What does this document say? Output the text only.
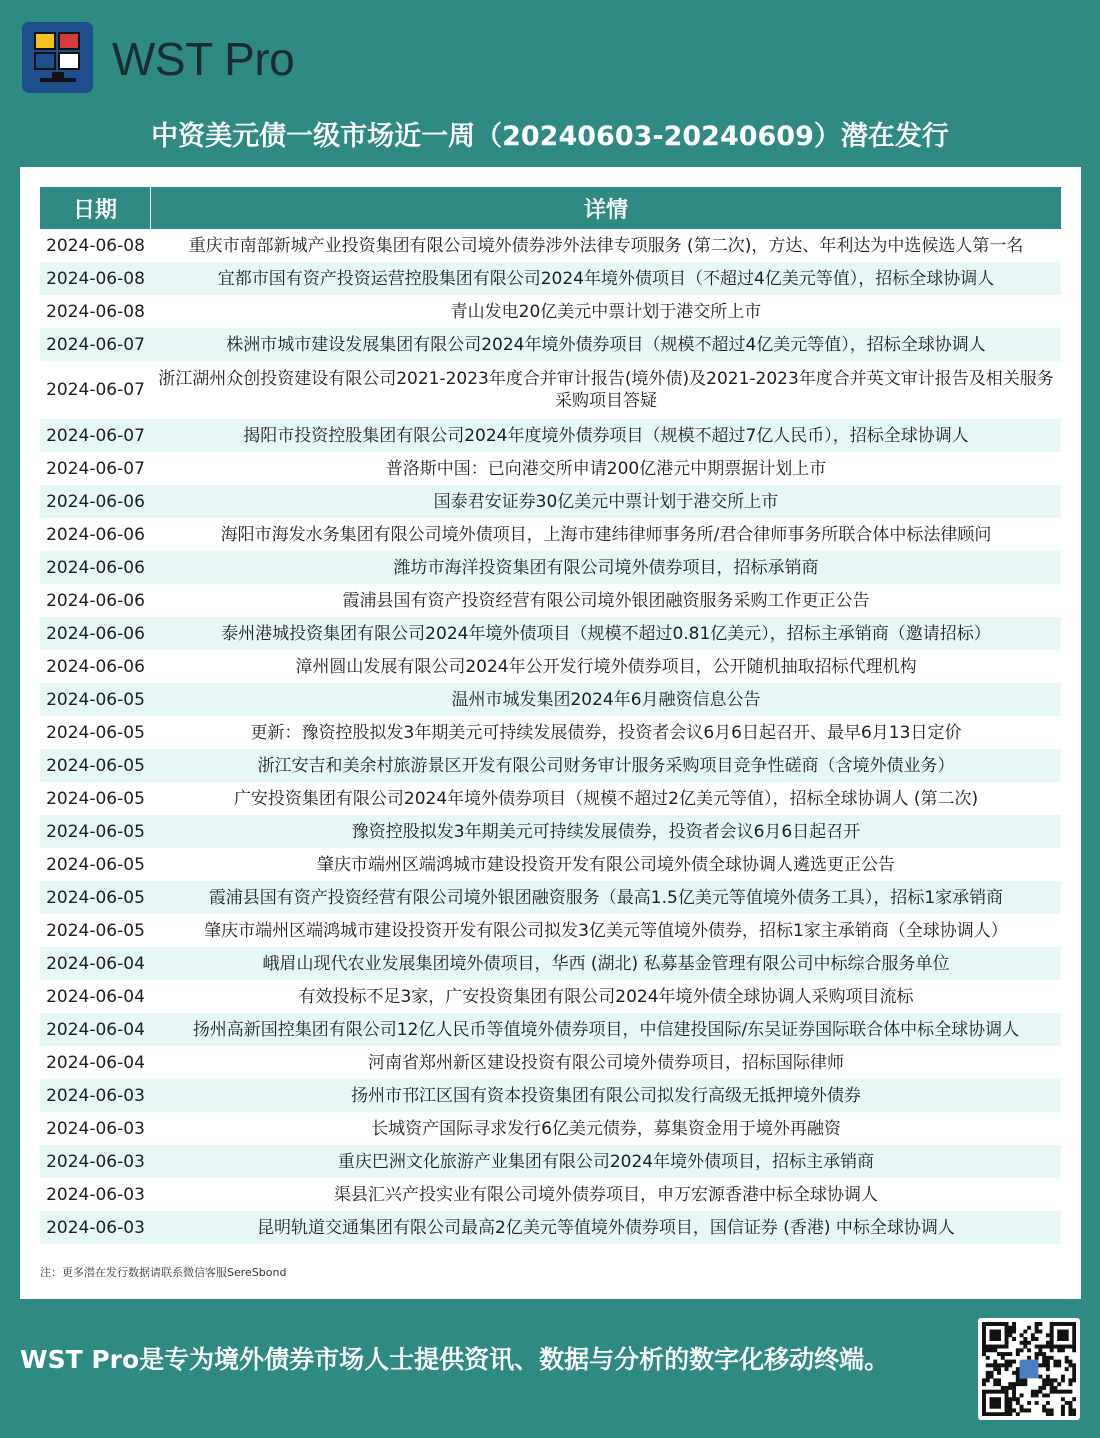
WST Pro
中资美元债一级市场近一周（20240603-20240609）潜在发行
日期	详情
2024-06-08	重庆市南部新城产业投资集团有限公司境外债券涉外法律专项服务 (第二次)，方达、年利达为中选候选人第一名
2024-06-08	宜都市国有资产投资运营控股集团有限公司2024年境外债项目（不超过4亿美元等值），招标全球协调人
2024-06-08	青山发电20亿美元中票计划于港交所上市
2024-06-07	株洲市城市建设发展集团有限公司2024年境外债券项目（规模不超过4亿美元等值），招标全球协调人
2024-06-07	浙江湖州众创投资建设有限公司2021-2023年度合并审计报告(境外债)及2021-2023年度合并英文审计报告及相关服务采购项目答疑
2024-06-07	揭阳市投资控股集团有限公司2024年度境外债券项目（规模不超过7亿人民币），招标全球协调人
2024-06-07	普洛斯中国：已向港交所申请200亿港元中期票据计划上市
2024-06-06	国泰君安证券30亿美元中票计划于港交所上市
2024-06-06	海阳市海发水务集团有限公司境外债项目，上海市建纬律师事务所/君合律师事务所联合体中标法律顾问
2024-06-06	潍坊市海洋投资集团有限公司境外债券项目，招标承销商
2024-06-06	霞浦县国有资产投资经营有限公司境外银团融资服务采购工作更正公告
2024-06-06	泰州港城投资集团有限公司2024年境外债项目（规模不超过0.81亿美元），招标主承销商（邀请招标）
2024-06-06	漳州圆山发展有限公司2024年公开发行境外债券项目，公开随机抽取招标代理机构
2024-06-05	温州市城发集团2024年6月融资信息公告
2024-06-05	更新：豫资控股拟发3年期美元可持续发展债券，投资者会议6月6日起召开、最早6月13日定价
2024-06-05	浙江安吉和美余村旅游景区开发有限公司财务审计服务采购项目竞争性磋商（含境外债业务）
2024-06-05	广安投资集团有限公司2024年境外债券项目（规模不超过2亿美元等值），招标全球协调人 (第二次)
2024-06-05	豫资控股拟发3年期美元可持续发展债券，投资者会议6月6日起召开
2024-06-05	肇庆市端州区端鸿城市建设投资开发有限公司境外债全球协调人遴选更正公告
2024-06-05	霞浦县国有资产投资经营有限公司境外银团融资服务（最高1.5亿美元等值境外债务工具），招标1家承销商
2024-06-05	肇庆市端州区端鸿城市建设投资开发有限公司拟发3亿美元等值境外债券，招标1家主承销商（全球协调人）
2024-06-04	峨眉山现代农业发展集团境外债项目，华西 (湖北) 私募基金管理有限公司中标综合服务单位
2024-06-04	有效投标不足3家，广安投资集团有限公司2024年境外债全球协调人采购项目流标
2024-06-04	扬州高新国控集团有限公司12亿人民币等值境外债券项目，中信建投国际/东吴证券国际联合体中标全球协调人
2024-06-04	河南省郑州新区建设投资有限公司境外债券项目，招标国际律师
2024-06-03	扬州市邗江区国有资本投资集团有限公司拟发行高级无抵押境外债券
2024-06-03	长城资产国际寻求发行6亿美元债券，募集资金用于境外再融资
2024-06-03	重庆巴洲文化旅游产业集团有限公司2024年境外债项目，招标主承销商
2024-06-03	渠县汇兴产投实业有限公司境外债券项目，申万宏源香港中标全球协调人
2024-06-03	昆明轨道交通集团有限公司最高2亿美元等值境外债券项目，国信证券 (香港) 中标全球协调人
注：更多潜在发行数据请联系微信客服SereSbond
WST Pro是专为境外债券市场人士提供资讯、数据与分析的数字化移动终端。
